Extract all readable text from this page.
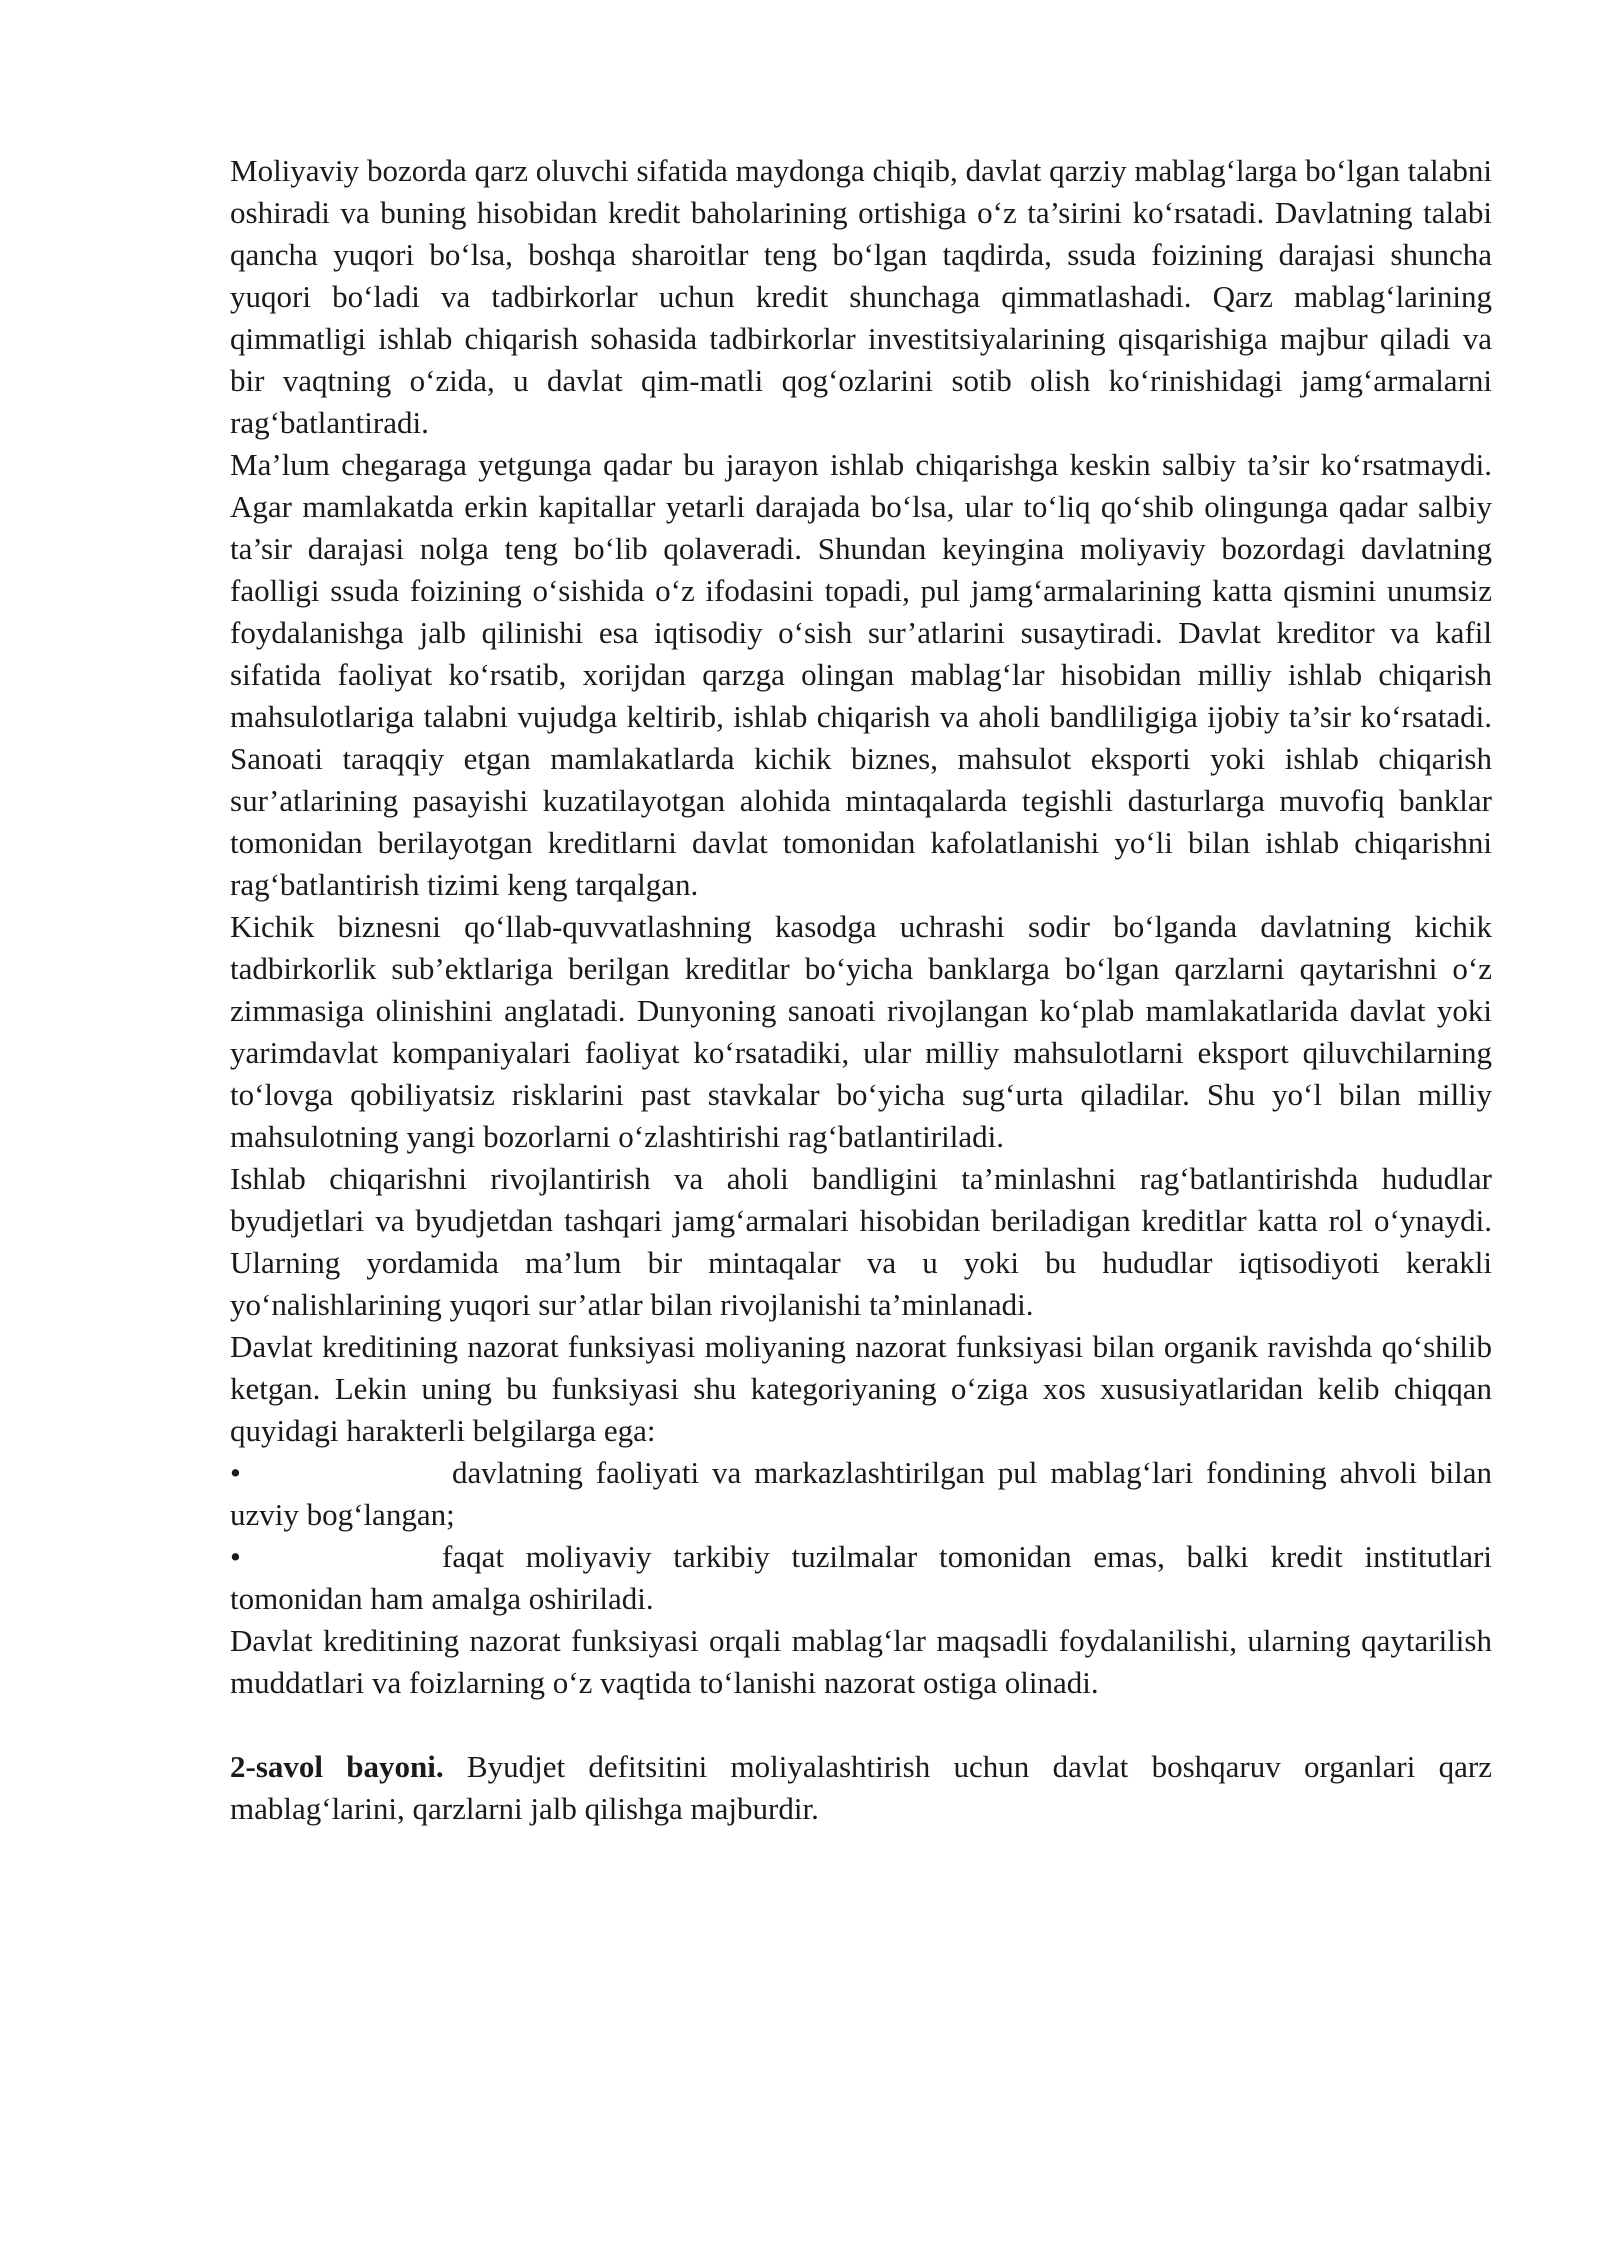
Moliyaviy bozorda qarz oluvchi sifatida maydonga chiqib, davlat qarziy mablag‘larga bo‘lgan talabni oshiradi va buning hisobidan kredit baholarining ortishiga o‘z ta’sirini ko‘rsatadi. Davlatning talabi qancha yuqori bo‘lsa, boshqa sharoitlar teng bo‘lgan taqdirda, ssuda foizining darajasi shuncha yuqori bo‘ladi va tadbirkorlar uchun kredit shunchaga qimmatlashadi. Qarz mablag‘larining qimmatligi ishlab chiqarish sohasida tadbirkorlar investitsiyalarining qisqarishiga majbur qiladi va bir vaqtning o‘zida, u davlat qim-matli qog‘ozlarini sotib olish ko‘rinishidagi jamg‘armalarni rag‘batlantiradi.

Ma’lum chegaraga yetgunga qadar bu jarayon ishlab chiqarishga keskin salbiy ta’sir ko‘rsatmaydi. Agar mamlakatda erkin kapitallar yetarli darajada bo‘lsa, ular to‘liq qo‘shib olingunga qadar salbiy ta’sir darajasi nolga teng bo‘lib qolaveradi. Shundan keyingina moliyaviy bozordagi davlatning faolligi ssuda foizining o‘sishida o‘z ifodasini topadi, pul jamg‘armalarining katta qismini unumsiz foydalanishga jalb qilinishi esa iqtisodiy o‘sish sur’atlarini susaytiradi. Davlat kreditor va kafil sifatida faoliyat ko‘rsatib, xorijdan qarzga olingan mablag‘lar hisobidan milliy ishlab chiqarish mahsulotlariga talabni vujudga keltirib, ishlab chiqarish va aholi bandliligiga ijobiy ta’sir ko‘rsatadi. Sanoati taraqqiy etgan mamlakatlarda kichik biznes, mahsulot eksporti yoki ishlab chiqarish sur’atlarining pasayishi kuzatilayotgan alohida mintaqalarda tegishli dasturlarga muvofiq banklar tomonidan berilayotgan kreditlarni davlat tomonidan kafolatlanishi yo‘li bilan ishlab chiqarishni rag‘batlantirish tizimi keng tarqalgan.

Kichik biznesni qo‘llab-quvvatlashning kasodga uchrashi sodir bo‘lganda davlatning kichik tadbirkorlik sub’ektlariga berilgan kreditlar bo‘yicha banklarga bo‘lgan qarzlarni qaytarishni o‘z zimmasiga olinishini anglatadi. Dunyoning sanoati rivojlangan ko‘plab mamlakatlarida davlat yoki yarimdavlat kompaniyalari faoliyat ko‘rsatadiki, ular milliy mahsulotlarni eksport qiluvchilarning to‘lovga qobiliyatsiz risklarini past stavkalar bo‘yicha sug‘urta qiladilar. Shu yo‘l bilan milliy mahsulotning yangi bozorlarni o‘zlashtirishi rag‘batlantiriladi.

Ishlab chiqarishni rivojlantirish va aholi bandligini ta’minlashni rag‘batlantirishda hududlar byudjetlari va byudjetdan tashqari jamg‘armalari hisobidan beriladigan kreditlar katta rol o‘ynaydi. Ularning yordamida ma’lum bir mintaqalar va u yoki bu hududlar iqtisodiyoti kerakli yo‘nalishlarining yuqori sur’atlar bilan rivojlanishi ta’minlanadi.

Davlat kreditining nazorat funksiyasi moliyaning nazorat funksiyasi bilan organik ravishda qo‘shilib ketgan. Lekin uning bu funksiyasi shu kategoriyaning o‘ziga xos xususiyatlaridan kelib chiqqan quyidagi harakterli belgilarga ega:

•	davlatning faoliyati va markazlashtirilgan pul mablag‘lari fondining ahvoli bilan uzviy bog‘langan;

•	faqat moliyaviy tarkibiy tuzilmalar tomonidan emas, balki kredit institutlari tomonidan ham amalga oshiriladi.

Davlat kreditining nazorat funksiyasi orqali mablag‘lar maqsadli foydalanilishi, ularning qaytarilish muddatlari va foizlarning o‘z vaqtida to‘lanishi nazorat ostiga olinadi.

2-savol bayoni. Byudjet defitsitini moliyalashtirish uchun davlat boshqaruv organlari qarz mablag‘larini, qarzlarni jalb qilishga majburdir.
